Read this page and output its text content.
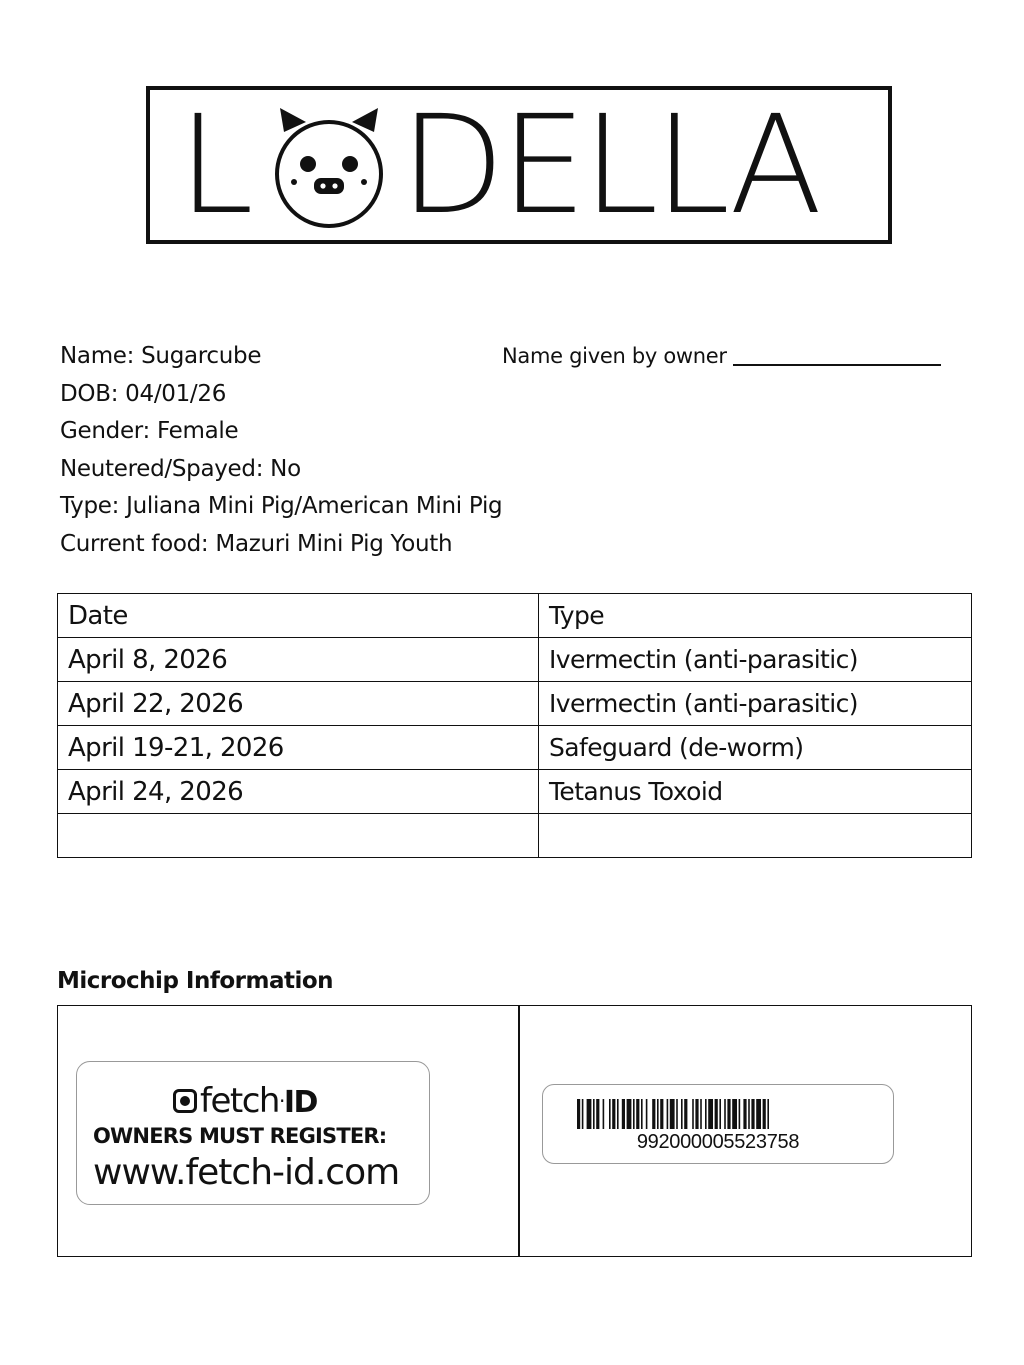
L DELLA
Name: Sugarcube
DOB: 04/01/26
Gender: Female
Neutered/Spayed: No
Type: Juliana Mini Pig/American Mini Pig
Current food: Mazuri Mini Pig Youth
Name given by owner
Date	Type
April 8, 2026	Ivermectin (anti-parasitic)
April 22, 2026	Ivermectin (anti-parasitic)
April 19-21, 2026	Safeguard (de-worm)
April 24, 2026	Tetanus Toxoid

Microchip Information
fetch·ID
OWNERS MUST REGISTER:
www.fetch-id.com
992000005523758
